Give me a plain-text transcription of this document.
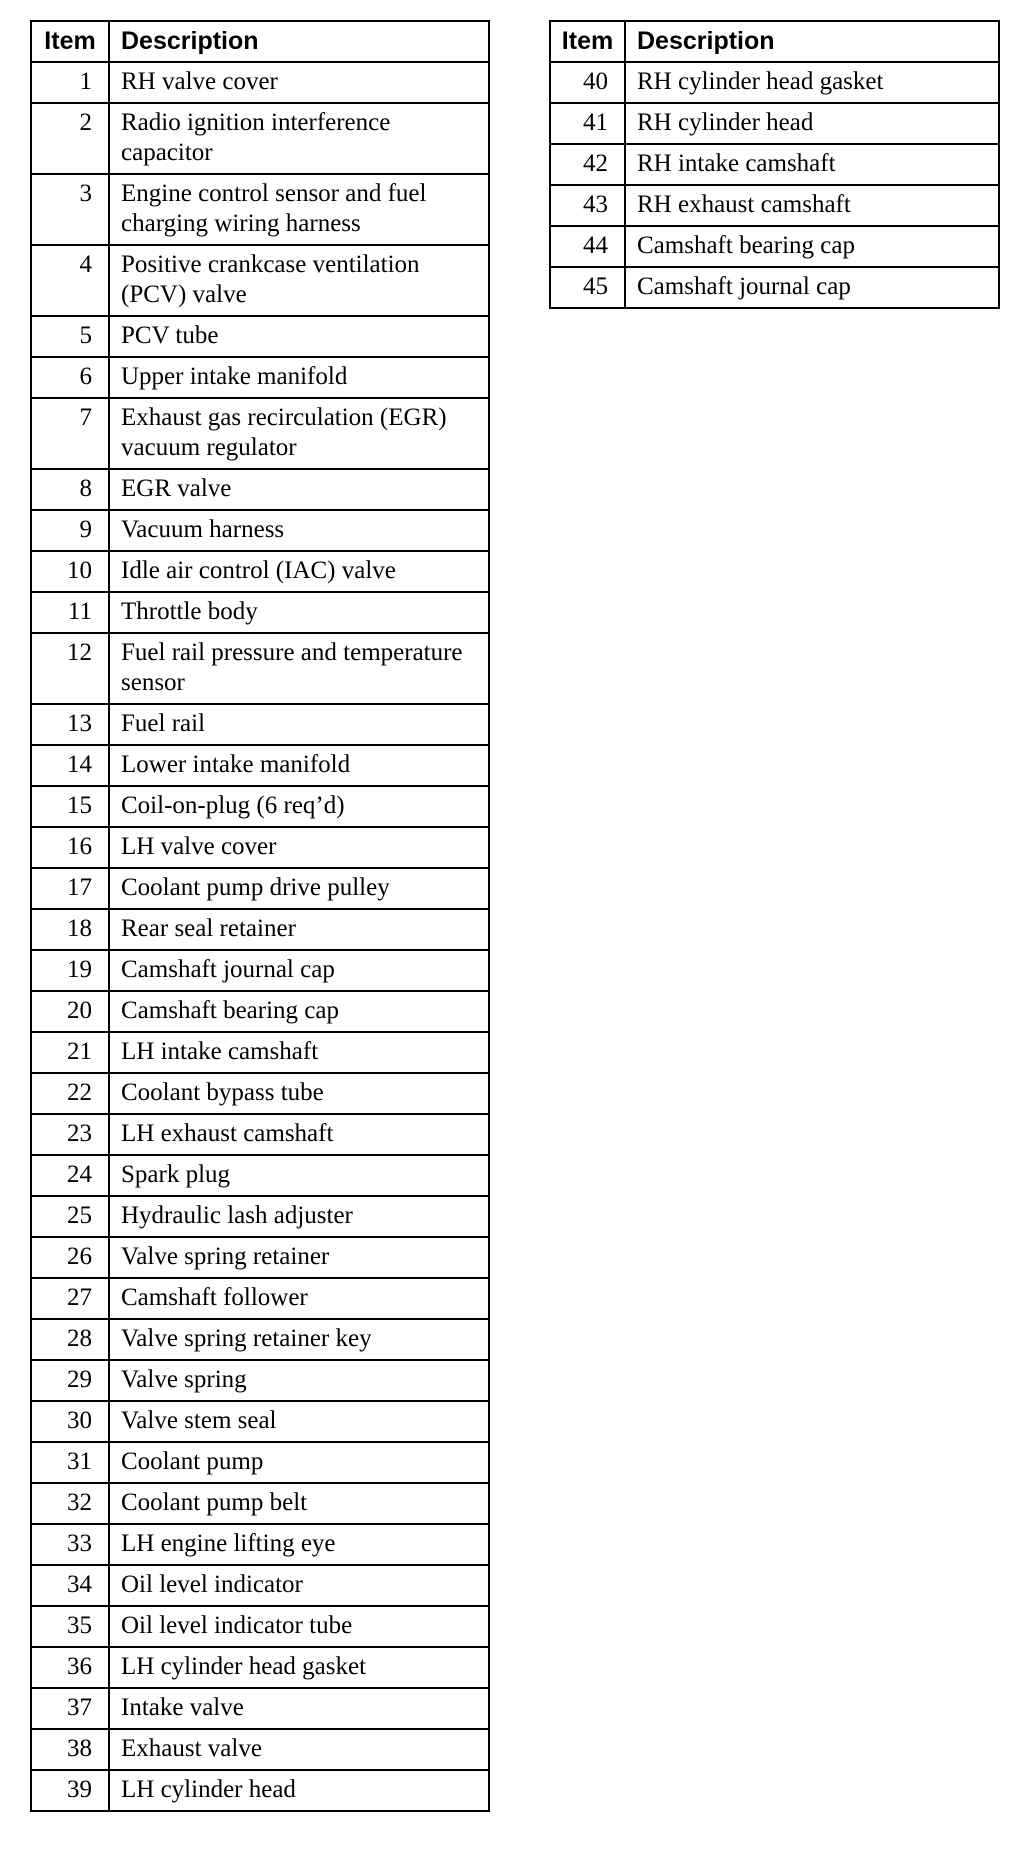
Item	Description
1	RH valve cover
2	Radio ignition interference capacitor
3	Engine control sensor and fuel charging wiring harness
4	Positive crankcase ventilation (PCV) valve
5	PCV tube
6	Upper intake manifold
7	Exhaust gas recirculation (EGR) vacuum regulator
8	EGR valve
9	Vacuum harness
10	Idle air control (IAC) valve
11	Throttle body
12	Fuel rail pressure and temperature sensor
13	Fuel rail
14	Lower intake manifold
15	Coil-on-plug (6 req’d)
16	LH valve cover
17	Coolant pump drive pulley
18	Rear seal retainer
19	Camshaft journal cap
20	Camshaft bearing cap
21	LH intake camshaft
22	Coolant bypass tube
23	LH exhaust camshaft
24	Spark plug
25	Hydraulic lash adjuster
26	Valve spring retainer
27	Camshaft follower
28	Valve spring retainer key
29	Valve spring
30	Valve stem seal
31	Coolant pump
32	Coolant pump belt
33	LH engine lifting eye
34	Oil level indicator
35	Oil level indicator tube
36	LH cylinder head gasket
37	Intake valve
38	Exhaust valve
39	LH cylinder head
Item	Description
40	RH cylinder head gasket
41	RH cylinder head
42	RH intake camshaft
43	RH exhaust camshaft
44	Camshaft bearing cap
45	Camshaft journal cap
